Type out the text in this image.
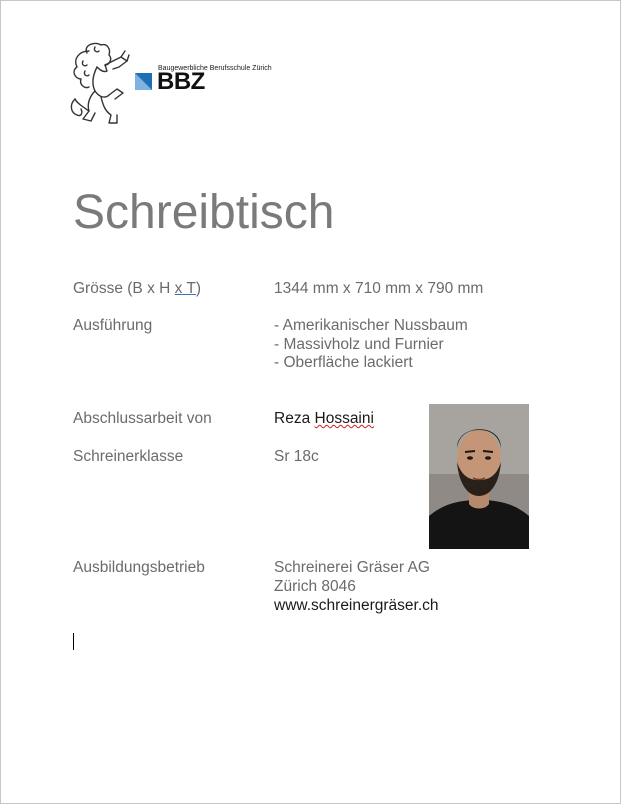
Baugewerbliche Berufsschule Zürich
BBZ
Schreibtisch
Grösse (B x H x T)	1344 mm x 710 mm x 790 mm
Ausführung	- Amerikanischer Nussbaum
- Massivholz und Furnier
- Oberfläche lackiert
Abschlussarbeit von	Reza Hossaini
Schreinerklasse	Sr 18c
Ausbildungsbetrieb	Schreinerei Gräser AG
Zürich 8046
www.schreinergräser.ch
